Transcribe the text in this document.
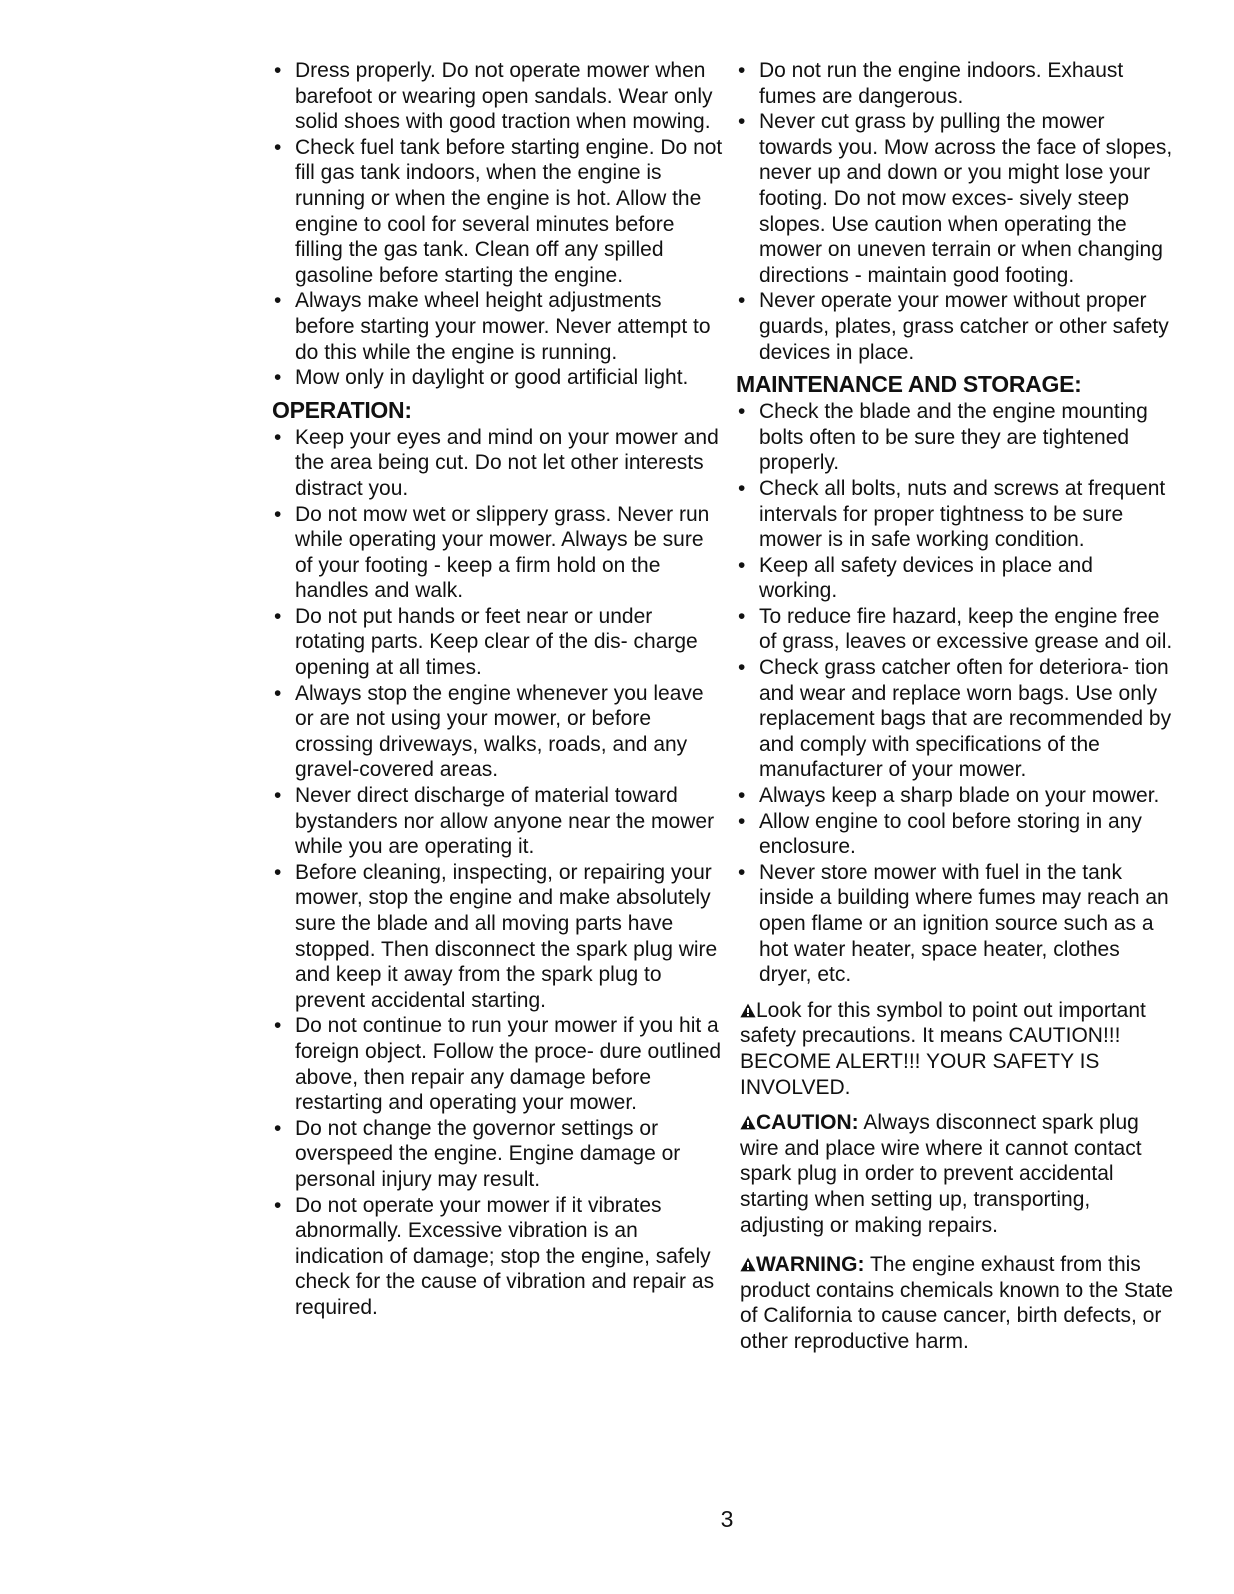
• Dress properly. Do not operate mower when barefoot or wearing open sandals. Wear only solid shoes with good traction when mowing.
• Check fuel tank before starting engine. Do not fill gas tank indoors, when the engine is running or when the engine is hot. Allow the engine to cool for several minutes before filling the gas tank. Clean off any spilled gasoline before starting the engine.
• Always make wheel height adjustments before starting your mower. Never attempt to do this while the engine is running.
• Mow only in daylight or good artificial light.
OPERATION:
• Keep your eyes and mind on your mower and the area being cut. Do not let other interests distract you.
• Do not mow wet or slippery grass. Never run while operating your mower. Always be sure of your footing - keep a firm hold on the handles and walk.
• Do not put hands or feet near or under rotating parts. Keep clear of the dis- charge opening at all times.
• Always stop the engine whenever you leave or are not using your mower, or before crossing driveways, walks, roads, and any gravel-covered areas.
• Never direct discharge of material toward bystanders nor allow anyone near the mower while you are operating it.
• Before cleaning, inspecting, or repairing your mower, stop the engine and make absolutely sure the blade and all moving parts have stopped. Then disconnect the spark plug wire and keep it away from the spark plug to prevent accidental starting.
• Do not continue to run your mower if you hit a foreign object. Follow the proce- dure outlined above, then repair any damage before restarting and operating your mower.
• Do not change the governor settings or overspeed the engine. Engine damage or personal injury may result.
• Do not operate your mower if it vibrates abnormally. Excessive vibration is an indication of damage; stop the engine, safely check for the cause of vibration and repair as required.
• Do not run the engine indoors. Exhaust fumes are dangerous.
• Never cut grass by pulling the mower towards you. Mow across the face of slopes, never up and down or you might lose your footing. Do not mow exces- sively steep slopes. Use caution when operating the mower on uneven terrain or when changing directions - maintain good footing.
• Never operate your mower without proper guards, plates, grass catcher or other safety devices in place.
MAINTENANCE AND STORAGE:
• Check the blade and the engine mounting bolts often to be sure they are tightened properly.
• Check all bolts, nuts and screws at frequent intervals for proper tightness to be sure mower is in safe working condition.
• Keep all safety devices in place and working.
• To reduce fire hazard, keep the engine free of grass, leaves or excessive grease and oil.
• Check grass catcher often for deteriora- tion and wear and replace worn bags. Use only replacement bags that are recommended by and comply with specifications of the manufacturer of your mower.
• Always keep a sharp blade on your mower.
• Allow engine to cool before storing in any enclosure.
• Never store mower with fuel in the tank inside a building where fumes may reach an open flame or an ignition source such as a hot water heater, space heater, clothes dryer, etc.

Look for this symbol to point out important safety precautions. It means CAUTION!!! BECOME ALERT!!! YOUR SAFETY IS INVOLVED.

CAUTION: Always disconnect spark plug wire and place wire where it cannot contact spark plug in order to prevent accidental starting when setting up, transporting, adjusting or making repairs.

WARNING: The engine exhaust from this product contains chemicals known to the State of California to cause cancer, birth defects, or other reproductive harm.

3
